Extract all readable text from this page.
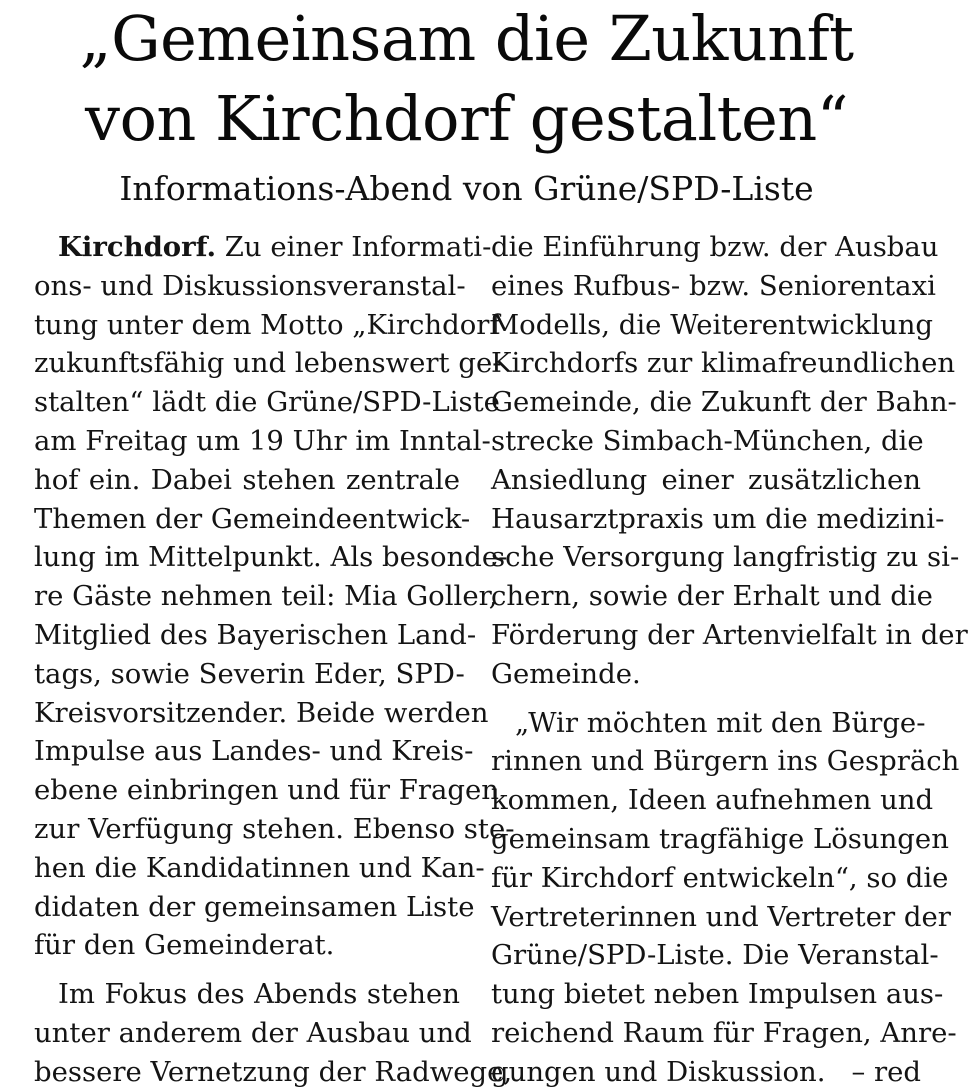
„Gemeinsam die Zukunft
von Kirchdorf gestalten“
Informations-Abend von Grüne/SPD-Liste
Kirchdorf. Zu einer Informati-
ons- und Diskussionsveranstal-
tung unter dem Motto „Kirchdorf
zukunftsfähig und lebenswert ge-
stalten“ lädt die Grüne/SPD-Liste
am Freitag um 19 Uhr im Inntal-
hof ein. Dabei stehen zentrale
Themen der Gemeindeentwick-
lung im Mittelpunkt. Als besonde-
re Gäste nehmen teil: Mia Goller,
Mitglied des Bayerischen Land-
tags, sowie Severin Eder, SPD-
Kreisvorsitzender. Beide werden
Impulse aus Landes- und Kreis-
ebene einbringen und für Fragen
zur Verfügung stehen. Ebenso ste-
hen die Kandidatinnen und Kan-
didaten der gemeinsamen Liste
für den Gemeinderat.
Im Fokus des Abends stehen
unter anderem der Ausbau und
bessere Vernetzung der Radwege,
die Einführung bzw. der Ausbau
eines Rufbus- bzw. Seniorentaxi
Modells, die Weiterentwicklung
Kirchdorfs zur klimafreundlichen
Gemeinde, die Zukunft der Bahn-
strecke Simbach-München, die
Ansiedlung einer zusätzlichen
Hausarztpraxis um die medizini-
sche Versorgung langfristig zu si-
chern, sowie der Erhalt und die
Förderung der Artenvielfalt in der
Gemeinde.
„Wir möchten mit den Bürge-
rinnen und Bürgern ins Gespräch
kommen, Ideen aufnehmen und
gemeinsam tragfähige Lösungen
für Kirchdorf entwickeln“, so die
Vertreterinnen und Vertreter der
Grüne/SPD-Liste. Die Veranstal-
tung bietet neben Impulsen aus-
reichend Raum für Fragen, Anre-
gungen und Diskussion. – red
